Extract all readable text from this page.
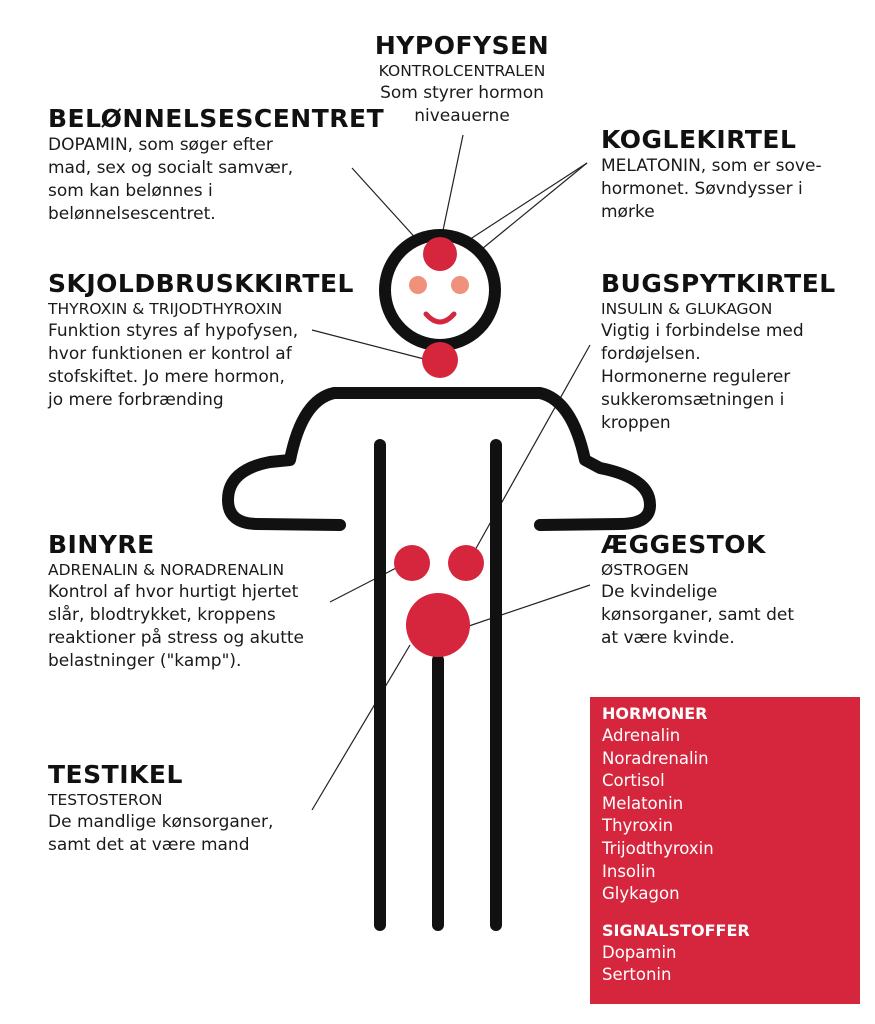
HYPOFYSEN
KONTROLCENTRALEN
Som styrer hormon
niveauerne
BELØNNELSESCENTRET
DOPAMIN, som søger efter
mad, sex og socialt samvær,
som kan belønnes i
belønnelsescentret.
KOGLEKIRTEL
MELATONIN, som er sove-
hormonet. Søvndysser i
mørke
SKJOLDBRUSKKIRTEL
THYROXIN & TRIJODTHYROXIN
Funktion styres af hypofysen,
hvor funktionen er kontrol af
stofskiftet. Jo mere hormon,
jo mere forbrænding
BUGSPYTKIRTEL
INSULIN & GLUKAGON
Vigtig i forbindelse med
fordøjelsen.
Hormonerne regulerer
sukkeromsætningen i
kroppen
BINYRE
ADRENALIN & NORADRENALIN
Kontrol af hvor hurtigt hjertet
slår, blodtrykket, kroppens
reaktioner på stress og akutte
belastninger ("kamp").
ÆGGESTOK
ØSTROGEN
De kvindelige
kønsorganer, samt det
at være kvinde.
TESTIKEL
TESTOSTERON
De mandlige kønsorganer,
samt det at være mand
HORMONER
Adrenalin
Noradrenalin
Cortisol
Melatonin
Thyroxin
Trijodthyroxin
Insolin
Glykagon
SIGNALSTOFFER
Dopamin
Sertonin
